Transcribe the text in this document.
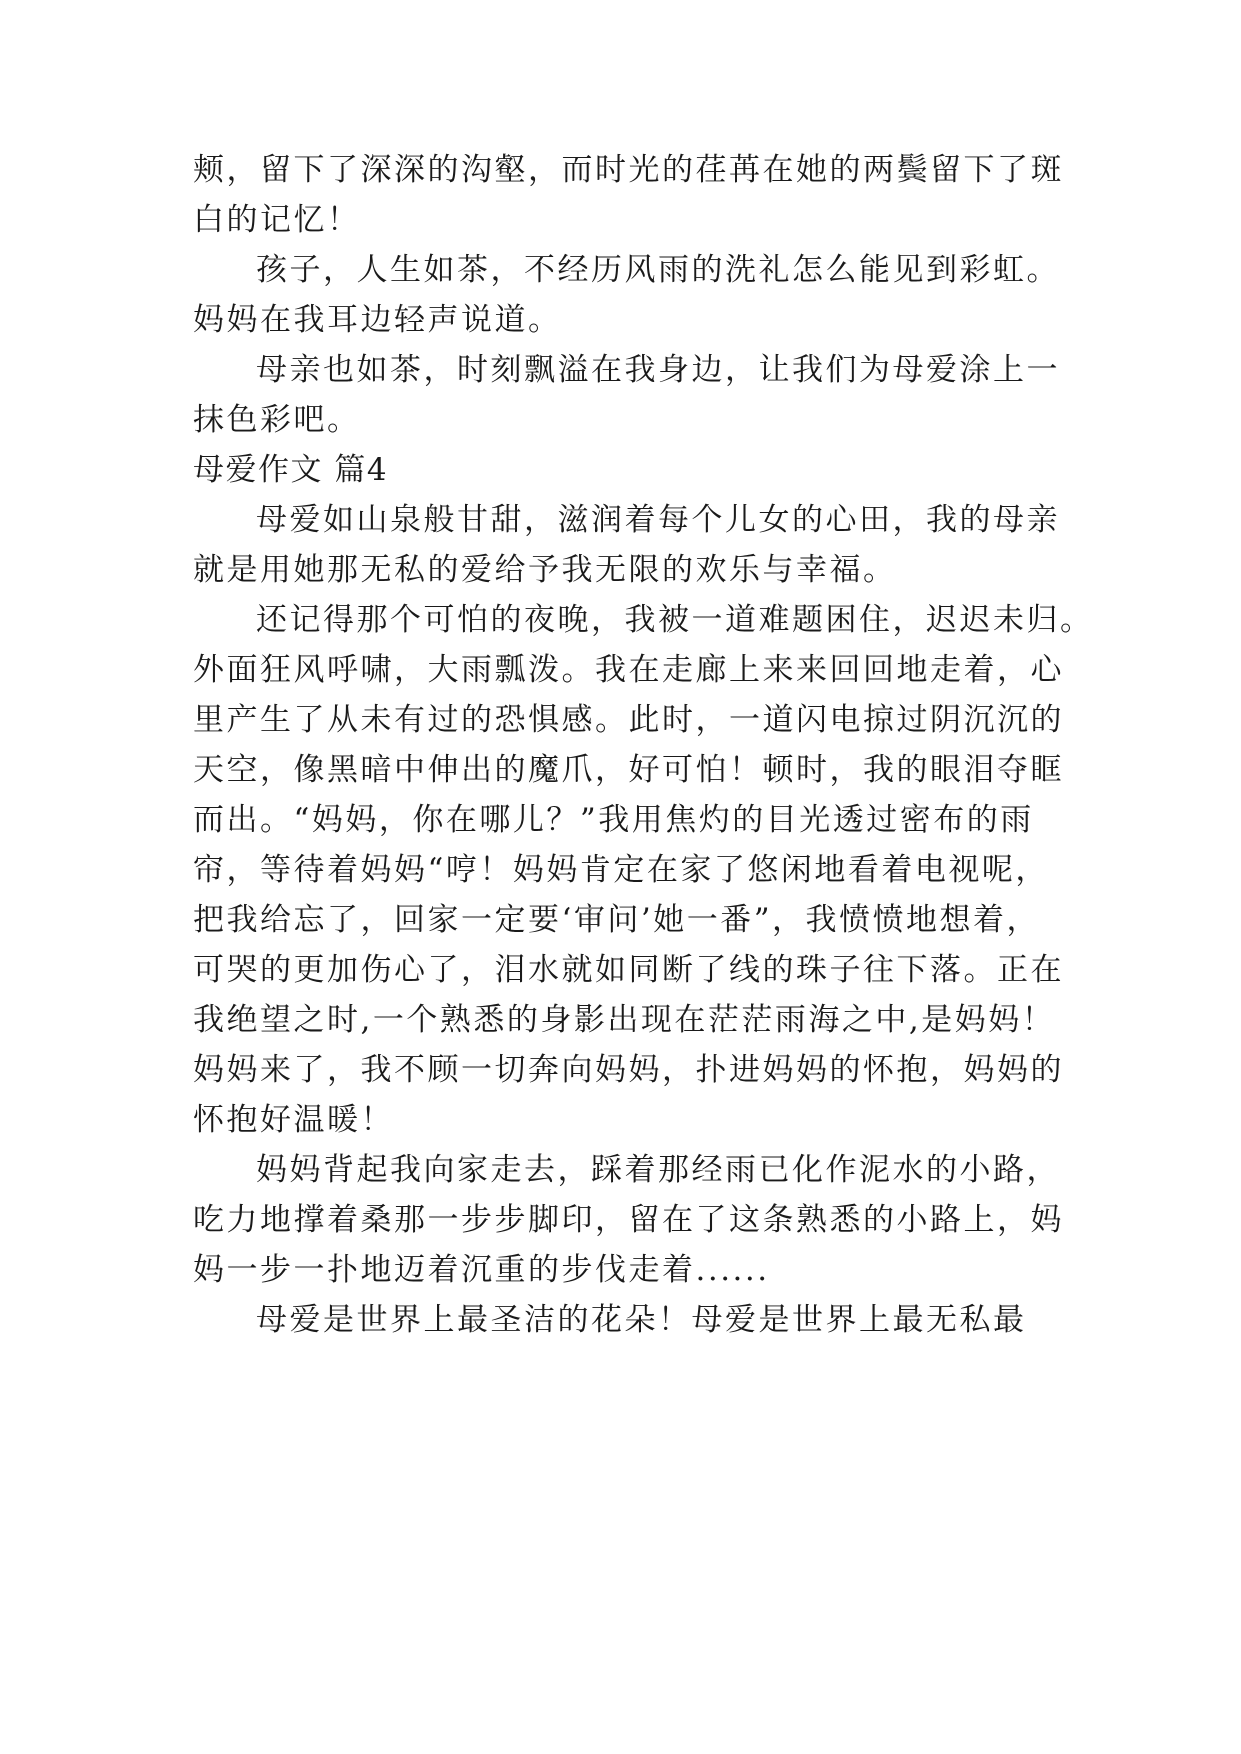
颊，留下了深深的沟壑，而时光的荏苒在她的两鬓留下了斑
白的记忆！
孩子，人生如茶，不经历风雨的洗礼怎么能见到彩虹。
妈妈在我耳边轻声说道。
母亲也如茶，时刻飘溢在我身边，让我们为母爱涂上一
抹色彩吧。
母爱作文 篇4
母爱如山泉般甘甜，滋润着每个儿女的心田，我的母亲
就是用她那无私的爱给予我无限的欢乐与幸福。
还记得那个可怕的夜晚，我被一道难题困住，迟迟未归。
外面狂风呼啸，大雨瓢泼。我在走廊上来来回回地走着，心
里产生了从未有过的恐惧感。此时，一道闪电掠过阴沉沉的
天空，像黑暗中伸出的魔爪，好可怕！顿时，我的眼泪夺眶
而出。“妈妈，你在哪儿？”我用焦灼的目光透过密布的雨
帘，等待着妈妈“哼！妈妈肯定在家了悠闲地看着电视呢，
把我给忘了，回家一定要‘审问’她一番”，我愤愤地想着，
可哭的更加伤心了，泪水就如同断了线的珠子往下落。正在
我绝望之时,一个熟悉的身影出现在茫茫雨海之中,是妈妈！
妈妈来了，我不顾一切奔向妈妈，扑进妈妈的怀抱，妈妈的
怀抱好温暖！
妈妈背起我向家走去，踩着那经雨已化作泥水的小路，
吃力地撑着桑那一步步脚印，留在了这条熟悉的小路上，妈
妈一步一扑地迈着沉重的步伐走着......
母爱是世界上最圣洁的花朵！母爱是世界上最无私最
